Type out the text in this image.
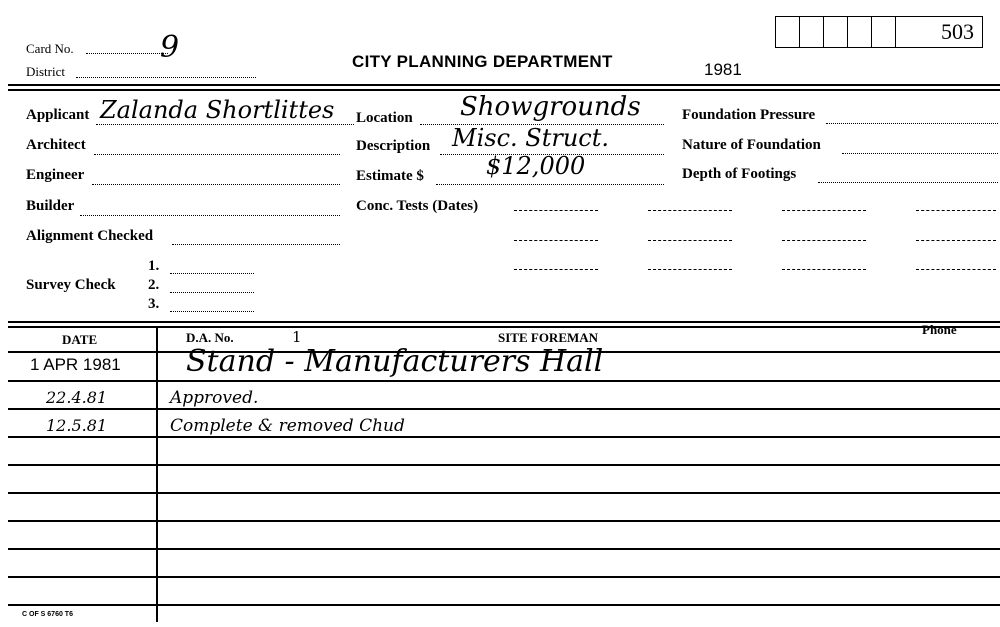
Card No.	9
District
CITY PLANNING DEPARTMENT	1981
503
Applicant Zalanda Shortlittes
Architect
Engineer
Builder
Alignment Checked
1.
Survey Check 2.
3.
Location Showgrounds
Description Misc. Struct.
Estimate $	$12,000
Conc. Tests (Dates)
Foundation Pressure
Nature of Foundation
Depth of Footings
DATE	D.A. No.	1	SITE FOREMAN
Phone
1 APR 1981 Stand - Manufacturers Hall
22.4.81	Approved.
12.5.81	Complete & removed Chud
C OF S 6760 T6
